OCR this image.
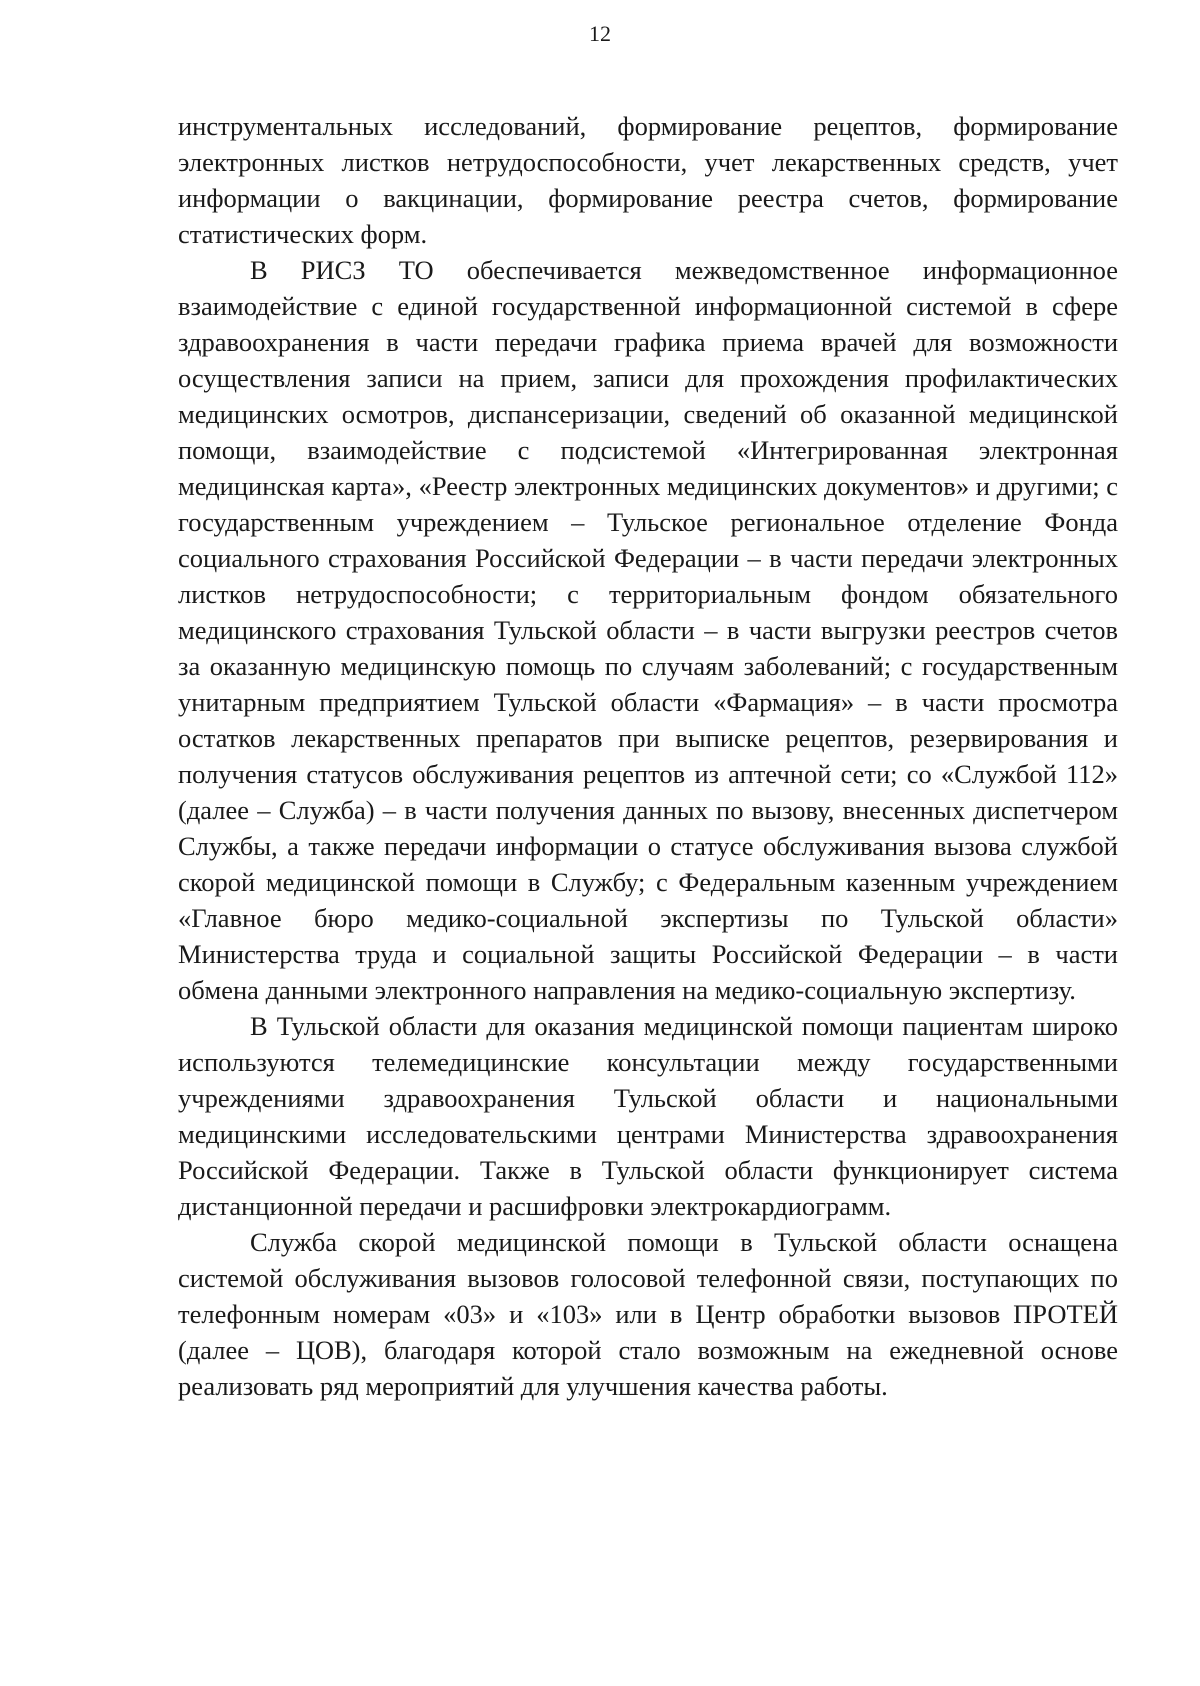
12

инструментальных исследований, формирование рецептов, формирование электронных листков нетрудоспособности, учет лекарственных средств, учет информации о вакцинации, формирование реестра счетов, формирование статистических форм.

В РИСЗ ТО обеспечивается межведомственное информационное взаимодействие с единой государственной информационной системой в сфере здравоохранения в части передачи графика приема врачей для возможности осуществления записи на прием, записи для прохождения профилактических медицинских осмотров, диспансеризации, сведений об оказанной медицинской помощи, взаимодействие с подсистемой «Интегрированная электронная медицинская карта», «Реестр электронных медицинских документов» и другими; с государственным учреждением – Тульское региональное отделение Фонда социального страхования Российской Федерации – в части передачи электронных листков нетрудоспособности; с территориальным фондом обязательного медицинского страхования Тульской области – в части выгрузки реестров счетов за оказанную медицинскую помощь по случаям заболеваний; с государственным унитарным предприятием Тульской области «Фармация» – в части просмотра остатков лекарственных препаратов при выписке рецептов, резервирования и получения статусов обслуживания рецептов из аптечной сети; со «Службой 112» (далее – Служба) – в части получения данных по вызову, внесенных диспетчером Службы, а также передачи информации о статусе обслуживания вызова службой скорой медицинской помощи в Службу; с Федеральным казенным учреждением «Главное бюро медико-социальной экспертизы по Тульской области» Министерства труда и социальной защиты Российской Федерации – в части обмена данными электронного направления на медико-социальную экспертизу.

В Тульской области для оказания медицинской помощи пациентам широко используются телемедицинские консультации между государственными учреждениями здравоохранения Тульской области и национальными медицинскими исследовательскими центрами Министерства здравоохранения Российской Федерации. Также в Тульской области функционирует система дистанционной передачи и расшифровки электрокардиограмм.

Служба скорой медицинской помощи в Тульской области оснащена системой обслуживания вызовов голосовой телефонной связи, поступающих по телефонным номерам «03» и «103» или в Центр обработки вызовов ПРОТЕЙ (далее – ЦОВ), благодаря которой стало возможным на ежедневной основе реализовать ряд мероприятий для улучшения качества работы.
